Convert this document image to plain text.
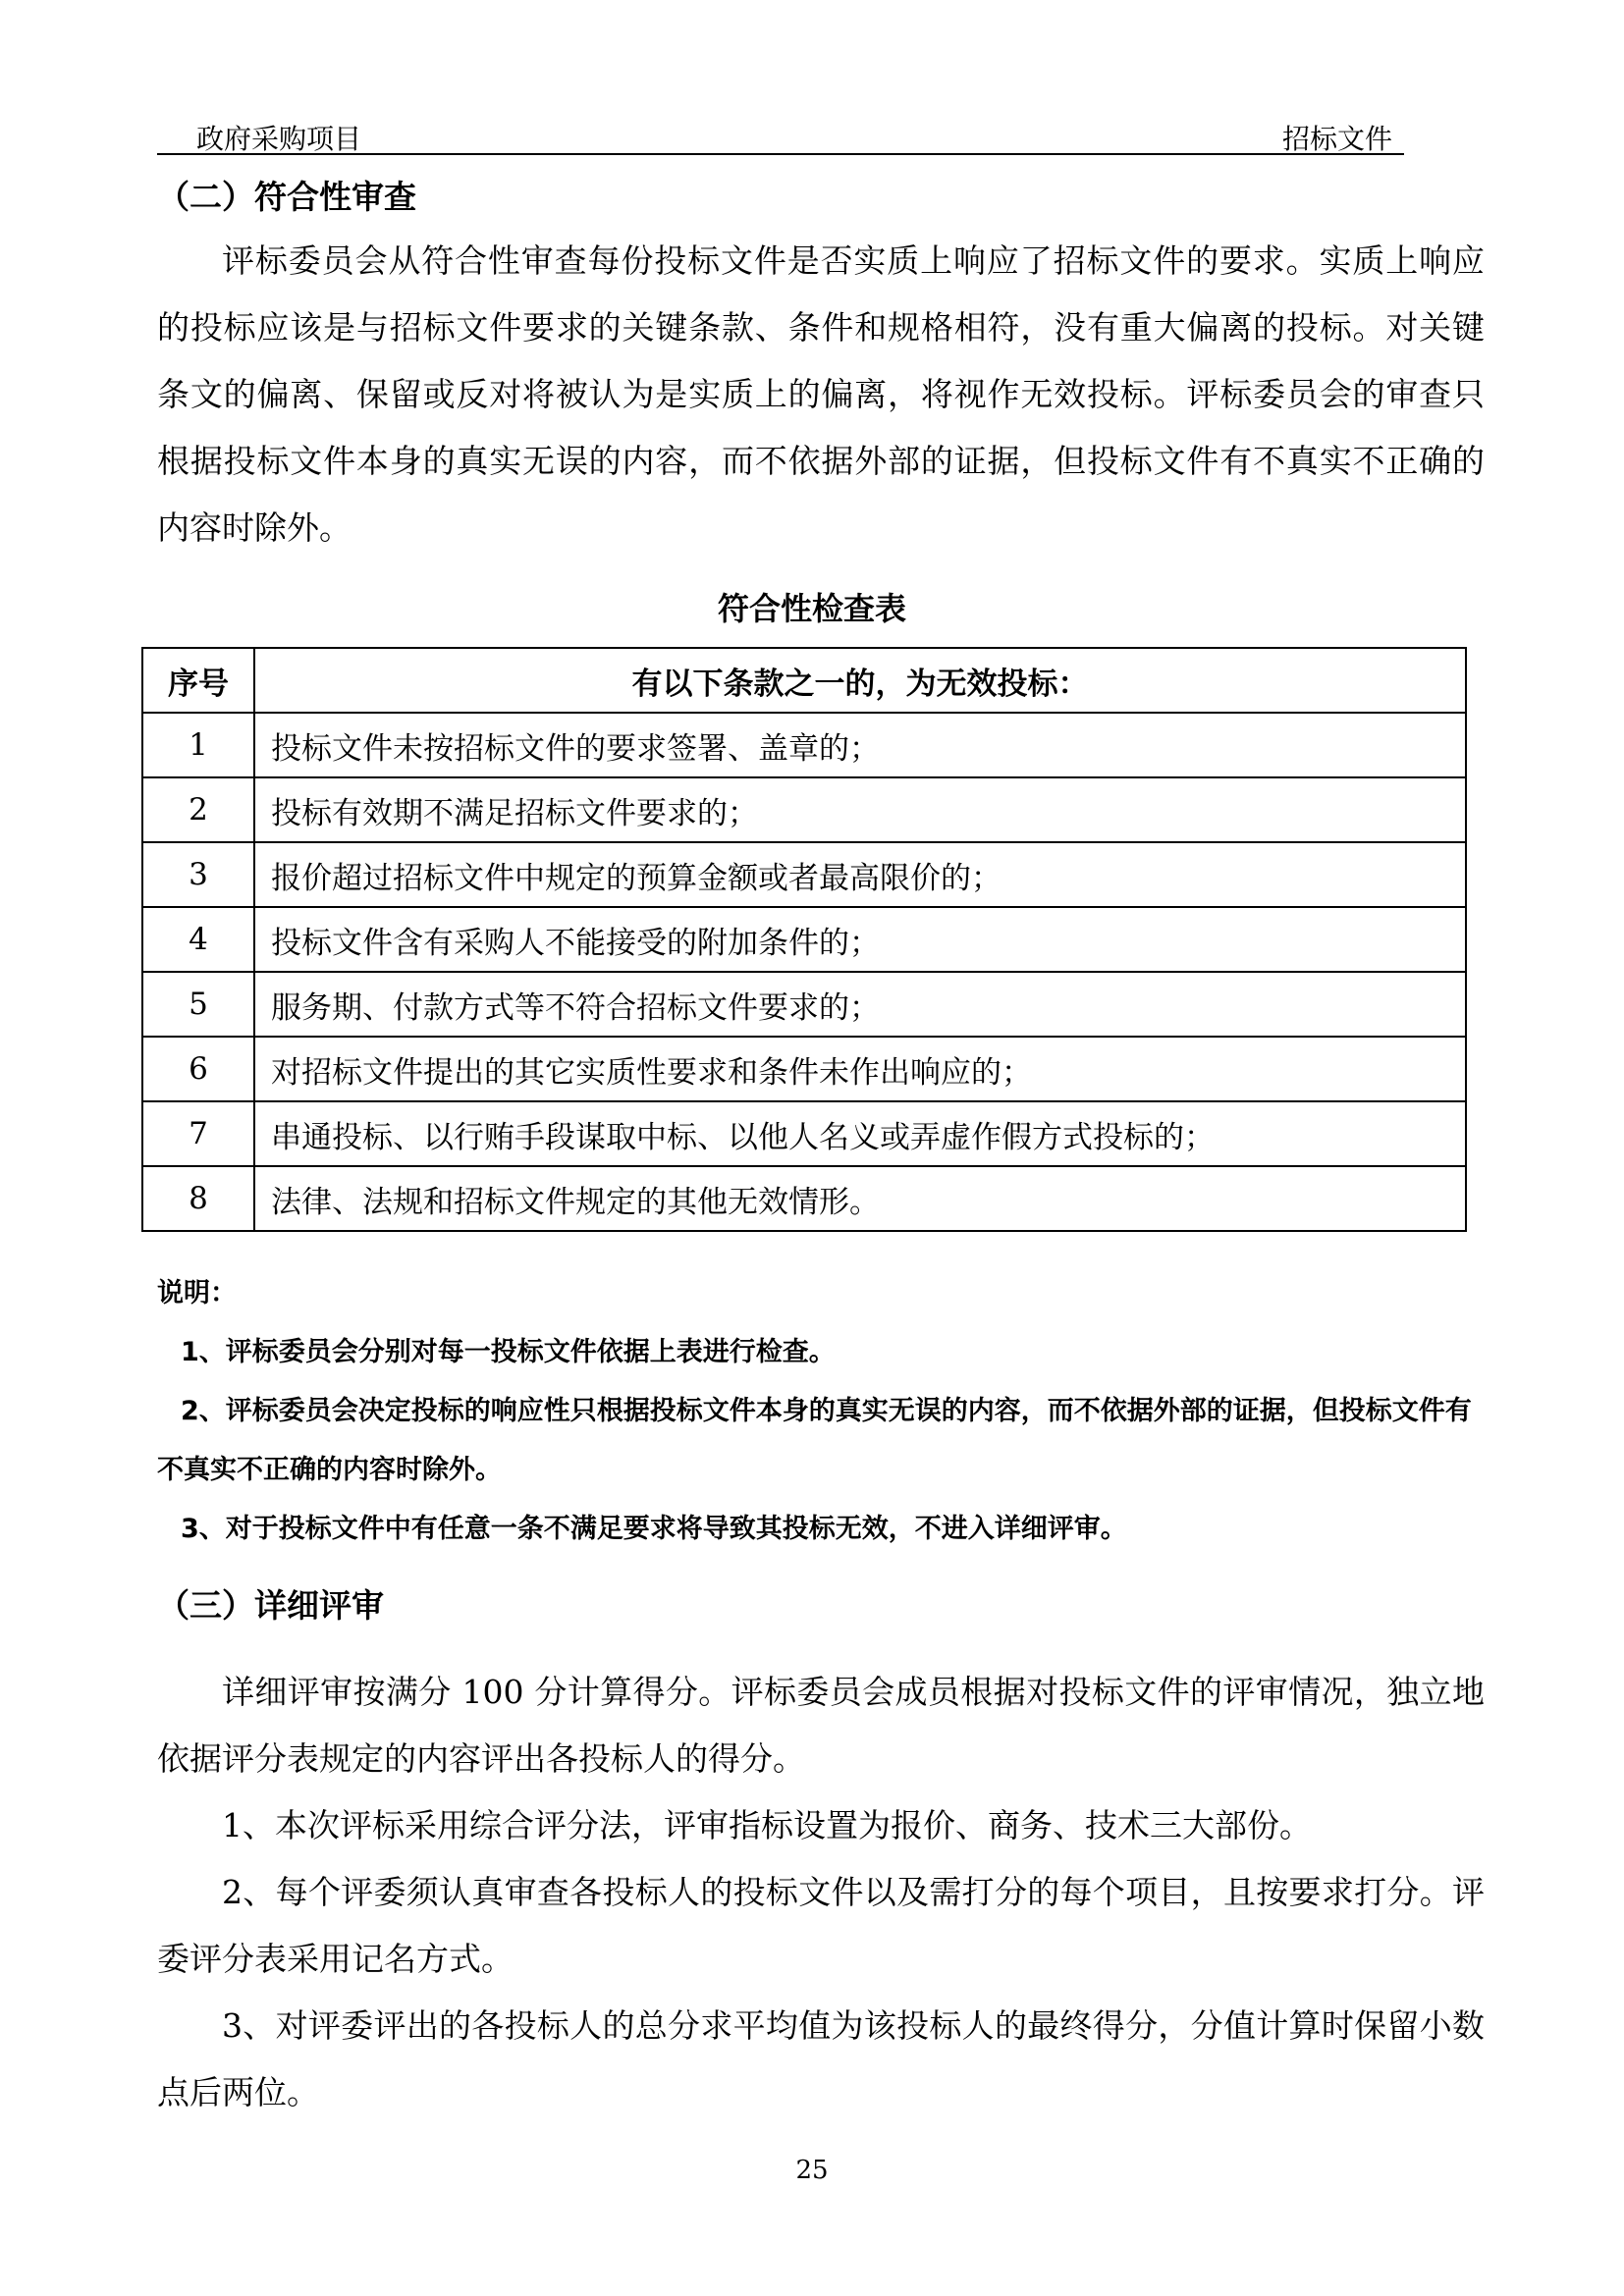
政府采购项目	招标文件
（二）符合性审查
评标委员会从符合性审查每份投标文件是否实质上响应了招标文件的要求。实质上响应的投标应该是与招标文件要求的关键条款、条件和规格相符，没有重大偏离的投标。对关键条文的偏离、保留或反对将被认为是实质上的偏离，将视作无效投标。评标委员会的审查只根据投标文件本身的真实无误的内容，而不依据外部的证据，但投标文件有不真实不正确的内容时除外。
符合性检查表
序号	有以下条款之一的，为无效投标：
1	投标文件未按招标文件的要求签署、盖章的；
2	投标有效期不满足招标文件要求的；
3	报价超过招标文件中规定的预算金额或者最高限价的；
4	投标文件含有采购人不能接受的附加条件的；
5	服务期、付款方式等不符合招标文件要求的；
6	对招标文件提出的其它实质性要求和条件未作出响应的；
7	串通投标、以行贿手段谋取中标、以他人名义或弄虚作假方式投标的；
8	法律、法规和招标文件规定的其他无效情形。
说明：
1、评标委员会分别对每一投标文件依据上表进行检查。
2、评标委员会决定投标的响应性只根据投标文件本身的真实无误的内容，而不依据外部的证据，但投标文件有不真实不正确的内容时除外。
3、对于投标文件中有任意一条不满足要求将导致其投标无效，不进入详细评审。
（三）详细评审
详细评审按满分 100 分计算得分。评标委员会成员根据对投标文件的评审情况，独立地依据评分表规定的内容评出各投标人的得分。
1、本次评标采用综合评分法，评审指标设置为报价、商务、技术三大部份。
2、每个评委须认真审查各投标人的投标文件以及需打分的每个项目，且按要求打分。评委评分表采用记名方式。
3、对评委评出的各投标人的总分求平均值为该投标人的最终得分，分值计算时保留小数点后两位。
25
